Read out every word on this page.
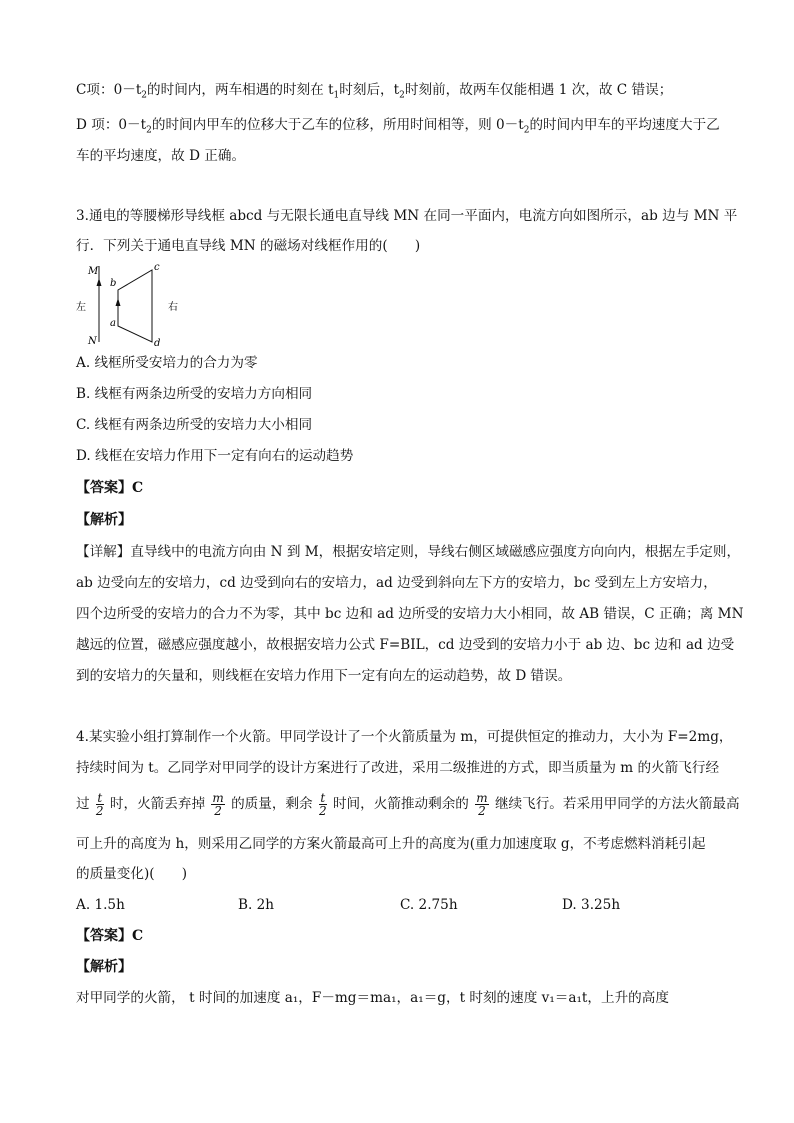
C项：$0-t_2$的时间内，两车相遇的时刻在 $t_1$时刻后，$t_2$时刻前，故两车仅能相遇 1 次，故 C 错误；
D 项：$0-t_2$的时间内甲车的位移大于乙车的位移，所用时间相等，则 $0-t_2$的时间内甲车的平均速度大于乙
车的平均速度，故 D 正确。
3.通电的等腰梯形导线框 abcd 与无限长通电直导线 MN 在同一平面内，电流方向如图所示，ab 边与 MN 平
行．下列关于通电直导线 MN 的磁场对线框作用的(　　)
M
N
左	右
b
a
c
d
A. 线框所受安培力的合力为零
B. 线框有两条边所受的安培力方向相同
C. 线框有两条边所受的安培力大小相同
D. 线框在安培力作用下一定有向右的运动趋势
【答案】C
【解析】
【详解】直导线中的电流方向由 N 到 M，根据安培定则，导线右侧区域磁感应强度方向向内，根据左手定则，
ab 边受向左的安培力，cd 边受到向右的安培力，ad 边受到斜向左下方的安培力，bc 受到左上方安培力，
四个边所受的安培力的合力不为零，其中 bc 边和 ad 边所受的安培力大小相同，故 AB 错误，C 正确；离 MN
越远的位置，磁感应强度越小，故根据安培力公式 F=BIL，cd 边受到的安培力小于 ab 边、bc 边和 ad 边受
到的安培力的矢量和，则线框在安培力作用下一定有向左的运动趋势，故 D 错误。
4.某实验小组打算制作一个火箭。甲同学设计了一个火箭质量为 m，可提供恒定的推动力，大小为 F=2mg，
持续时间为 t。乙同学对甲同学的设计方案进行了改进，采用二级推进的方式，即当质量为 m 的火箭飞行经
过 $\frac{t}{2}$ 时，火箭丢弃掉 $\frac{m}{2}$ 的质量，剩余 $\frac{t}{2}$ 时间，火箭推动剩余的 $\frac{m}{2}$ 继续飞行。若采用甲同学的方法火箭最高
可上升的高度为 h，则采用乙同学的方案火箭最高可上升的高度为(重力加速度取 g，不考虑燃料消耗引起
的质量变化)(　　)
A. 1.5h	B. 2h	C. 2.75h	D. 3.25h
【答案】C
【解析】
对甲同学的火箭， t 时间的加速度 a₁，F－mg＝ma₁，a₁＝g，t 时刻的速度 v₁＝a₁t，上升的高度
